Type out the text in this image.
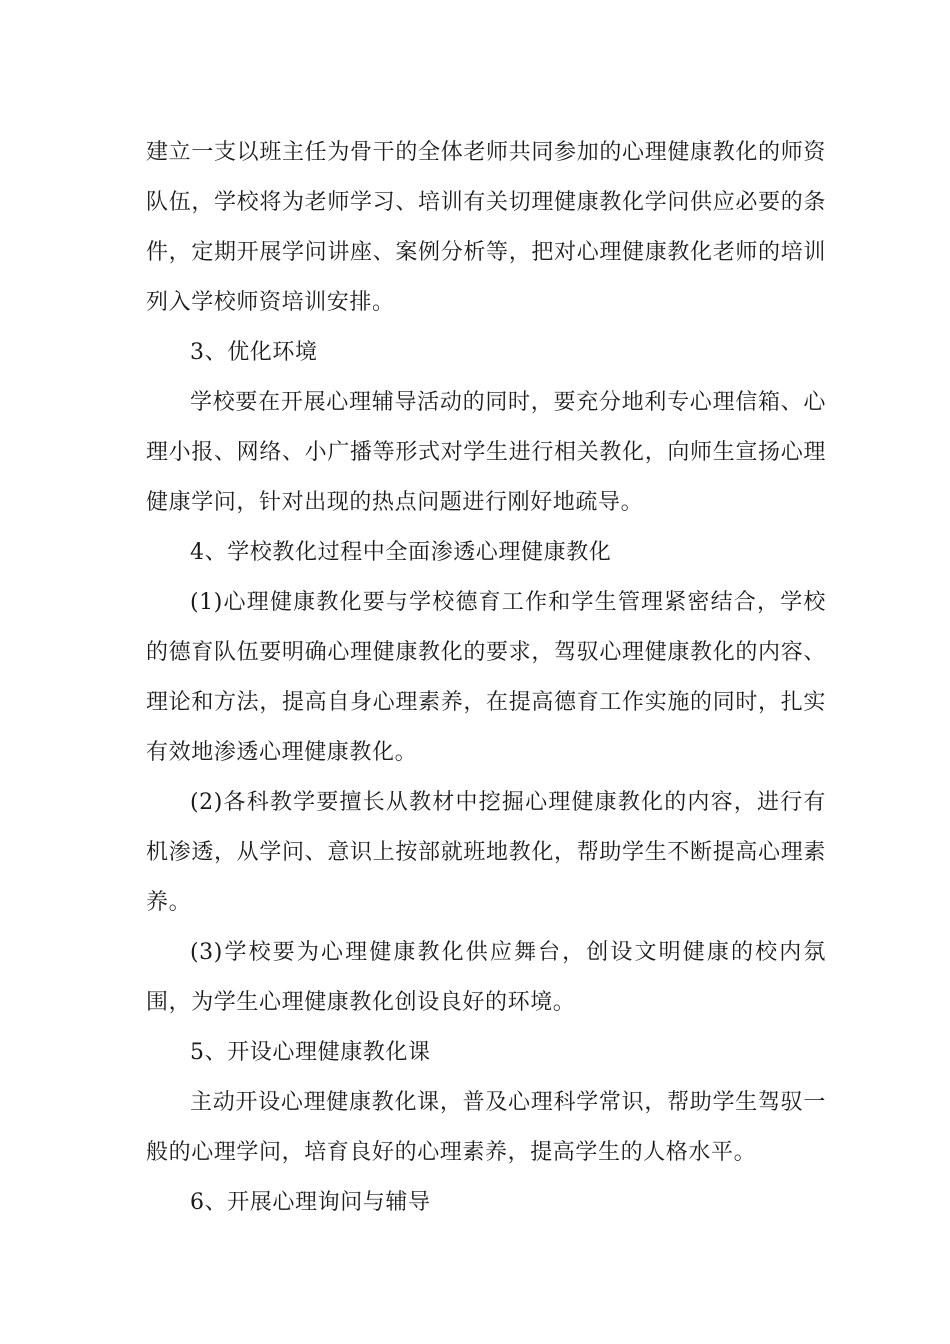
建立一支以班主任为骨干的全体老师共同参加的心理健康教化的师资队伍，学校将为老师学习、培训有关切理健康教化学问供应必要的条件，定期开展学问讲座、案例分析等，把对心理健康教化老师的培训列入学校师资培训安排。

3、优化环境

学校要在开展心理辅导活动的同时，要充分地利专心理信箱、心理小报、网络、小广播等形式对学生进行相关教化，向师生宣扬心理健康学问，针对出现的热点问题进行刚好地疏导。

4、学校教化过程中全面渗透心理健康教化

(1)心理健康教化要与学校德育工作和学生管理紧密结合，学校的德育队伍要明确心理健康教化的要求，驾驭心理健康教化的内容、理论和方法，提高自身心理素养，在提高德育工作实施的同时，扎实有效地渗透心理健康教化。

(2)各科教学要擅长从教材中挖掘心理健康教化的内容，进行有机渗透，从学问、意识上按部就班地教化，帮助学生不断提高心理素养。

(3)学校要为心理健康教化供应舞台，创设文明健康的校内氛围，为学生心理健康教化创设良好的环境。

5、开设心理健康教化课

主动开设心理健康教化课，普及心理科学常识，帮助学生驾驭一般的心理学问，培育良好的心理素养，提高学生的人格水平。

6、开展心理询问与辅导
